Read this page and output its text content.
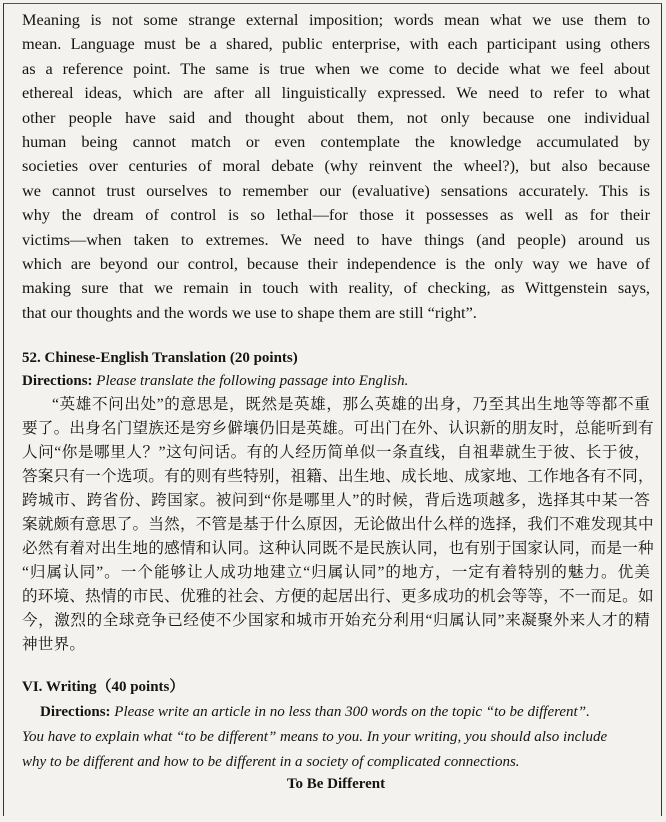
Meaning is not some strange external imposition; words mean what we use them to
mean. Language must be a shared, public enterprise, with each participant using others
as a reference point. The same is true when we come to decide what we feel about
ethereal ideas, which are after all linguistically expressed. We need to refer to what
other people have said and thought about them, not only because one individual
human being cannot match or even contemplate the knowledge accumulated by
societies over centuries of moral debate (why reinvent the wheel?), but also because
we cannot trust ourselves to remember our (evaluative) sensations accurately. This is
why the dream of control is so lethal—for those it possesses as well as for their
victims—when taken to extremes. We need to have things (and people) around us
which are beyond our control, because their independence is the only way we have of
making sure that we remain in touch with reality, of checking, as Wittgenstein says,
that our thoughts and the words we use to shape them are still “right”.
52. Chinese-English Translation (20 points)
Directions: Please translate the following passage into English.
“英雄不问出处”的意思是，既然是英雄，那么英雄的出身，乃至其出生地等等都不重
要了。出身名门望族还是穷乡僻壤仍旧是英雄。可出门在外、认识新的朋友时，总能听到有
人问“你是哪里人？”这句问话。有的人经历简单似一条直线，自祖辈就生于彼、长于彼，
答案只有一个选项。有的则有些特别，祖籍、出生地、成长地、成家地、工作地各有不同，
跨城市、跨省份、跨国家。被问到“你是哪里人”的时候，背后选项越多，选择其中某一答
案就颇有意思了。当然，不管是基于什么原因，无论做出什么样的选择，我们不难发现其中
必然有着对出生地的感情和认同。这种认同既不是民族认同，也有别于国家认同，而是一种
“归属认同”。一个能够让人成功地建立“归属认同”的地方，一定有着特别的魅力。优美
的环境、热情的市民、优雅的社会、方便的起居出行、更多成功的机会等等，不一而足。如
今，激烈的全球竞争已经使不少国家和城市开始充分利用“归属认同”来凝聚外来人才的精
神世界。
VI. Writing（40 points）
Directions: Please write an article in no less than 300 words on the topic “to be different”.
You have to explain what “to be different” means to you. In your writing, you should also include
why to be different and how to be different in a society of complicated connections.
To Be Different
